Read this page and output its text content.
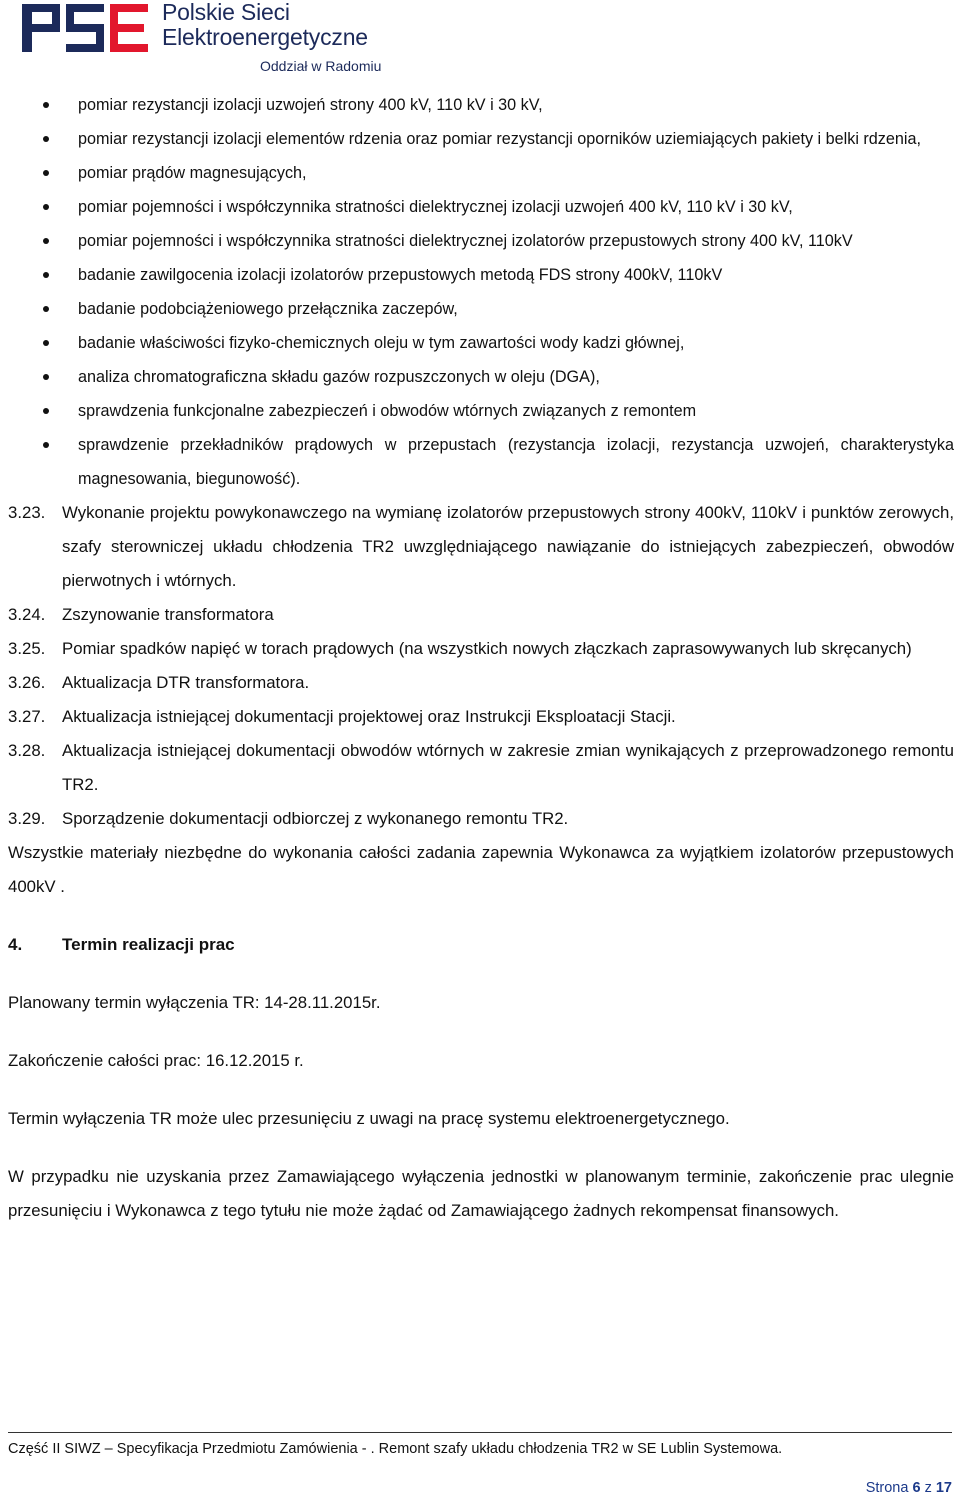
PSE	Polskie Sieci
Elektroenergetyczne
Oddział w Radomiu
pomiar rezystancji izolacji uzwojeń strony 400 kV, 110 kV i 30 kV,
pomiar rezystancji izolacji elementów rdzenia oraz pomiar rezystancji oporników uziemiających pakiety i belki rdzenia,
pomiar prądów magnesujących,
pomiar pojemności i współczynnika stratności dielektrycznej izolacji uzwojeń 400 kV, 110 kV i 30 kV,
pomiar pojemności i współczynnika stratności dielektrycznej izolatorów przepustowych strony 400 kV, 110kV
badanie zawilgocenia izolacji izolatorów przepustowych metodą FDS strony 400kV, 110kV
badanie podobciążeniowego przełącznika zaczepów,
badanie właściwości fizyko-chemicznych oleju w tym zawartości wody kadzi głównej,
analiza chromatograficzna składu gazów rozpuszczonych w oleju (DGA),
sprawdzenia funkcjonalne zabezpieczeń i obwodów wtórnych związanych z remontem
sprawdzenie przekładników prądowych w przepustach (rezystancja izolacji, rezystancja uzwojeń, charakterystyka magnesowania, biegunowość).
3.23. Wykonanie projektu powykonawczego na wymianę izolatorów przepustowych strony 400kV, 110kV i punktów zerowych, szafy sterowniczej układu chłodzenia TR2 uwzględniającego nawiązanie do istniejących zabezpieczeń, obwodów pierwotnych i wtórnych.
3.24. Zszynowanie transformatora
3.25. Pomiar spadków napięć w torach prądowych (na wszystkich nowych złączkach zaprasowywanych lub skręcanych)
3.26. Aktualizacja DTR transformatora.
3.27. Aktualizacja istniejącej dokumentacji projektowej oraz Instrukcji Eksploatacji Stacji.
3.28. Aktualizacja istniejącej dokumentacji obwodów wtórnych w zakresie zmian wynikających z przeprowadzonego remontu TR2.
3.29. Sporządzenie dokumentacji odbiorczej z wykonanego remontu TR2.
Wszystkie materiały niezbędne do wykonania całości zadania zapewnia Wykonawca za wyjątkiem izolatorów przepustowych 400kV .
4. Termin realizacji prac
Planowany termin wyłączenia TR: 14-28.11.2015r.
Zakończenie całości prac: 16.12.2015 r.
Termin wyłączenia TR może ulec przesunięciu z uwagi na pracę systemu elektroenergetycznego.
W przypadku nie uzyskania przez Zamawiającego wyłączenia jednostki w planowanym terminie, zakończenie prac ulegnie przesunięciu i Wykonawca z tego tytułu nie może żądać od Zamawiającego żadnych rekompensat finansowych.
Część II SIWZ – Specyfikacja Przedmiotu Zamówienia - . Remont szafy układu chłodzenia TR2 w SE Lublin Systemowa.
Strona 6 z 17
